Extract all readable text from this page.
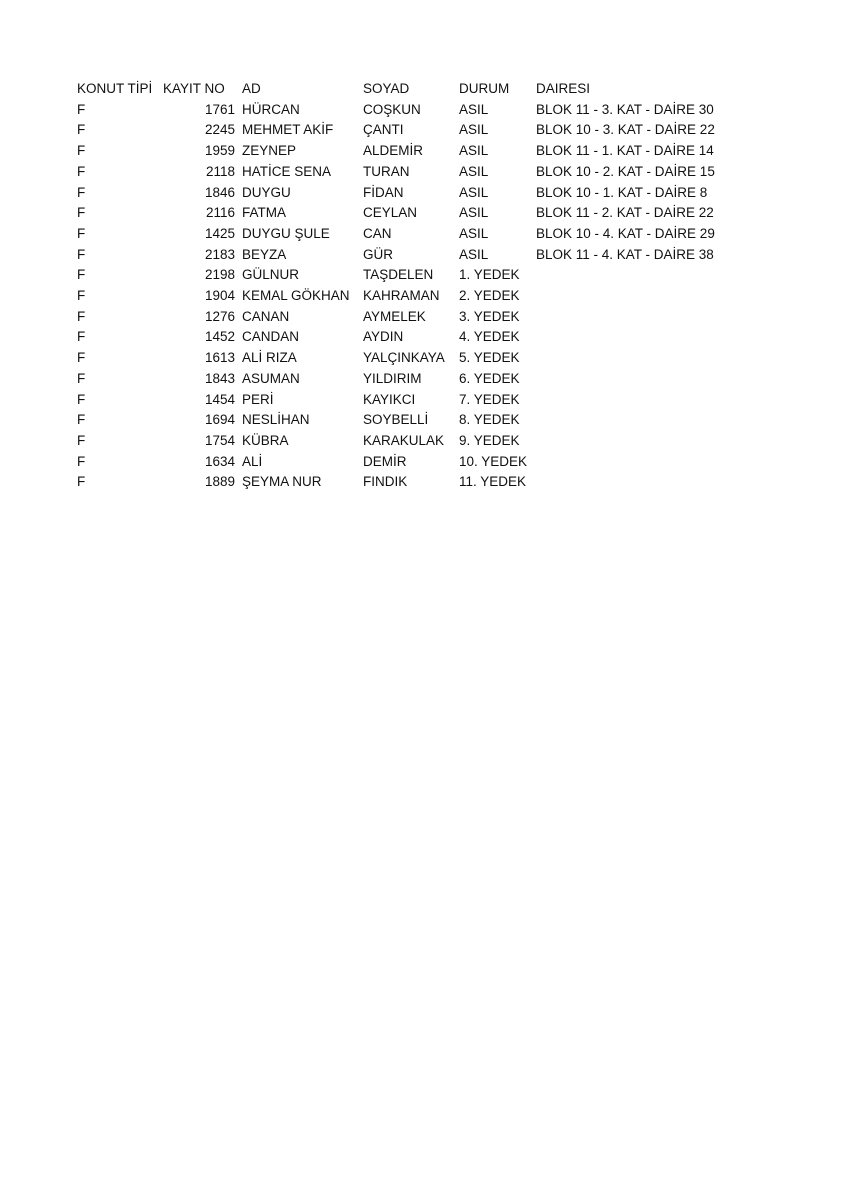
KONUT TİPİ	KAYIT NO	AD	SOYAD	DURUM	DAIRESI
F	1761	HÜRCAN	COŞKUN	ASIL	BLOK 11 - 3. KAT - DAİRE 30
F	2245	MEHMET AKİF	ÇANTI	ASIL	BLOK 10 - 3. KAT - DAİRE 22
F	1959	ZEYNEP	ALDEMİR	ASIL	BLOK 11 - 1. KAT - DAİRE 14
F	2118	HATİCE SENA	TURAN	ASIL	BLOK 10 - 2. KAT - DAİRE 15
F	1846	DUYGU	FİDAN	ASIL	BLOK 10 - 1. KAT - DAİRE 8
F	2116	FATMA	CEYLAN	ASIL	BLOK 11 - 2. KAT - DAİRE 22
F	1425	DUYGU ŞULE	CAN	ASIL	BLOK 10 - 4. KAT - DAİRE 29
F	2183	BEYZA	GÜR	ASIL	BLOK 11 - 4. KAT - DAİRE 38
F	2198	GÜLNUR	TAŞDELEN	1. YEDEK	
F	1904	KEMAL GÖKHAN	KAHRAMAN	2. YEDEK	
F	1276	CANAN	AYMELEK	3. YEDEK	
F	1452	CANDAN	AYDIN	4. YEDEK	
F	1613	ALİ RIZA	YALÇINKAYA	5. YEDEK	
F	1843	ASUMAN	YILDIRIM	6. YEDEK	
F	1454	PERİ	KAYIKCI	7. YEDEK	
F	1694	NESLİHAN	SOYBELLİ	8. YEDEK	
F	1754	KÜBRA	KARAKULAK	9. YEDEK	
F	1634	ALİ	DEMİR	10. YEDEK	
F	1889	ŞEYMA NUR	FINDIK	11. YEDEK	
